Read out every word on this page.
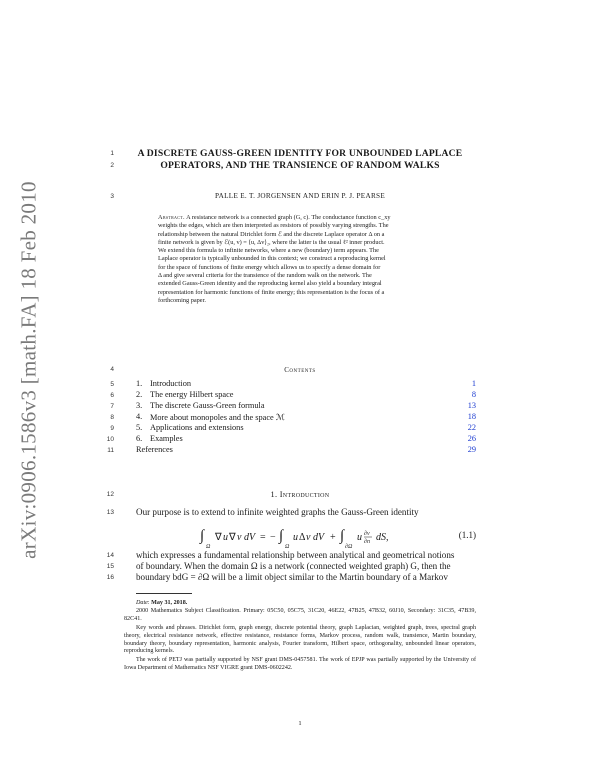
arXiv:0906.1586v3 [math.FA] 18 Feb 2010
1
2
3
4
5
6
7
8
9
10
11
12
13
14
15
16
A DISCRETE GAUSS-GREEN IDENTITY FOR UNBOUNDED LAPLACE
OPERATORS, AND THE TRANSIENCE OF RANDOM WALKS
PALLE E. T. JORGENSEN AND ERIN P. J. PEARSE
Abstract. A resistance network is a connected graph (G, c). The conductance function c_xy
weights the edges, which are then interpreted as resistors of possibly varying strengths. The
relationship between the natural Dirichlet form ℰ and the discrete Laplace operator Δ on a
finite network is given by ℰ(u, v) = ⟨u, Δv⟩₂, where the latter is the usual ℓ² inner product.
We extend this formula to infinite networks, where a new (boundary) term appears. The
Laplace operator is typically unbounded in this context; we construct a reproducing kernel
for the space of functions of finite energy which allows us to specify a dense domain for
Δ and give several criteria for the transience of the random walk on the network. The
extended Gauss-Green identity and the reproducing kernel also yield a boundary integral
representation for harmonic functions of finite energy; this representation is the focus of a
forthcoming paper.
Contents
1. Introduction	1
2. The energy Hilbert space	8
3. The discrete Gauss-Green formula	13
4. More about monopoles and the space ℳ	18
5. Applications and extensions	22
6. Examples	26
References	29
1. Introduction
Our purpose is to extend to infinite weighted graphs the Gauss-Green identity
∫
Ω
∇ u ∇ v dV = − ∫
Ω
u Δ v dV + ∫
∂Ω
u ∂v
∂n dS,	(1.1)
which expresses a fundamental relationship between analytical and geometrical notions
of boundary. When the domain Ω is a network (connected weighted graph) G, then the
boundary bdG = ∂Ω will be a limit object similar to the Martin boundary of a Markov
Date: May 31, 2018.
2000 Mathematics Subject Classification. Primary: 05C50, 05C75, 31C20, 46E22, 47B25, 47B32, 60J10, Secondary: 31C35, 47B39, 82C41.
Key words and phrases. Dirichlet form, graph energy, discrete potential theory, graph Laplacian, weighted graph, trees, spectral graph theory, electrical resistance network, effective resistance, resistance forms, Markov process, random walk, transience, Martin boundary, boundary theory, boundary representation, harmonic analysis, Fourier transform, Hilbert space, orthogonality, unbounded linear operators, reproducing kernels.
The work of PETJ was partially supported by NSF grant DMS-0457581. The work of EPJP was partially supported by the University of Iowa Department of Mathematics NSF VIGRE grant DMS-0602242.
1
